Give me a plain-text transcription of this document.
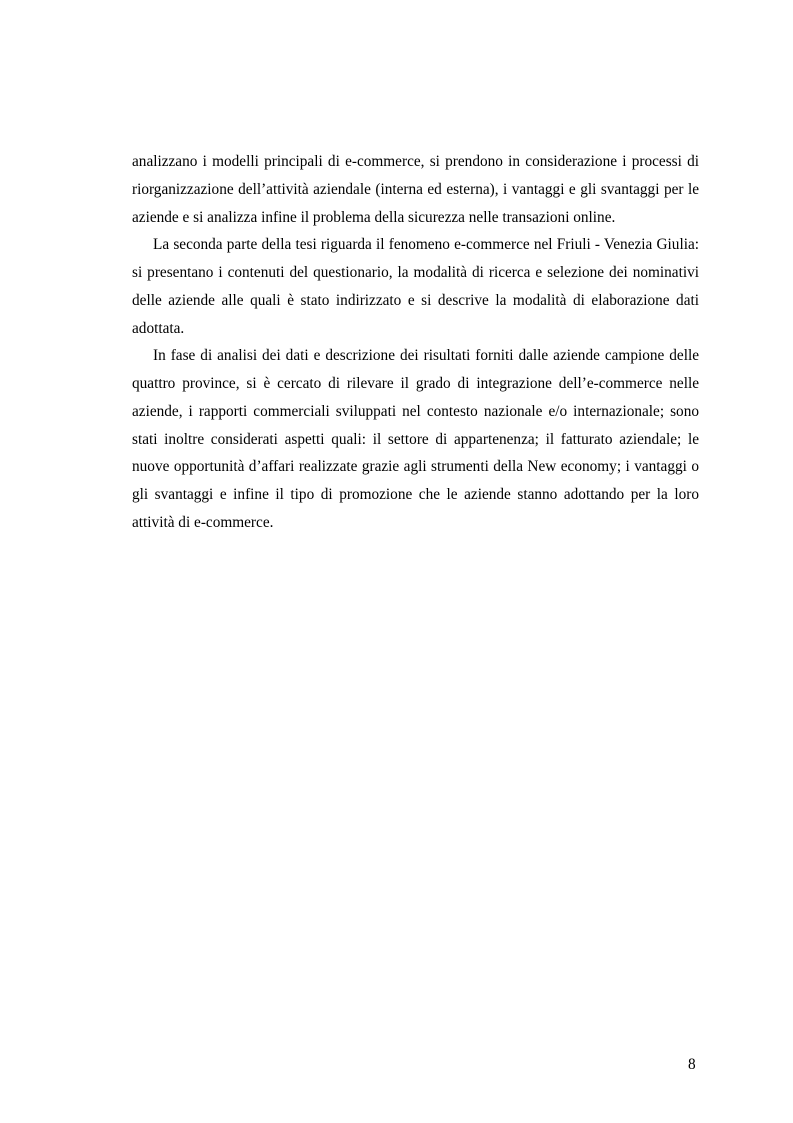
analizzano i modelli principali di e-commerce, si prendono in considerazione i processi di riorganizzazione dell’attività aziendale (interna ed esterna), i vantaggi e gli svantaggi per le aziende e si analizza infine il problema della sicurezza nelle transazioni online.

La seconda parte della tesi riguarda il fenomeno e-commerce nel Friuli - Venezia Giulia: si presentano i contenuti del questionario, la modalità di ricerca e selezione dei nominativi delle aziende alle quali è stato indirizzato e si descrive la modalità di elaborazione dati adottata.

In fase di analisi dei dati e descrizione dei risultati forniti dalle aziende campione delle quattro province, si è cercato di rilevare il grado di integrazione dell’e-commerce nelle aziende, i rapporti commerciali sviluppati nel contesto nazionale e/o internazionale; sono stati inoltre considerati aspetti quali: il settore di appartenenza; il fatturato aziendale; le nuove opportunità d’affari realizzate grazie agli strumenti della New economy; i vantaggi o gli svantaggi e infine il tipo di promozione che le aziende stanno adottando per la loro attività di e-commerce.

8
